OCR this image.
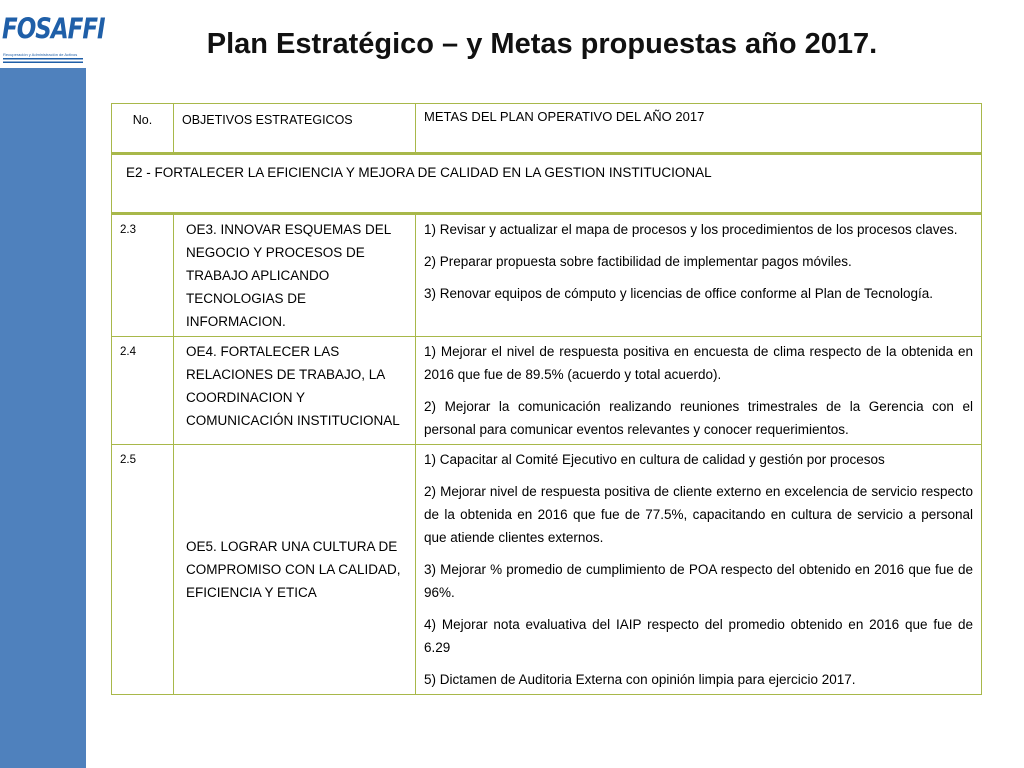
FOSAFFI
Recuperación y Administración de Activos	Plan Estratégico – y Metas propuestas año 2017.
No.	OBJETIVOS ESTRATEGICOS	METAS DEL PLAN OPERATIVO DEL AÑO 2017
E2 - FORTALECER LA EFICIENCIA Y MEJORA DE CALIDAD EN LA GESTION INSTITUCIONAL		
2.3	OE3. INNOVAR ESQUEMAS DEL NEGOCIO Y PROCESOS DE TRABAJO APLICANDO TECNOLOGIAS DE INFORMACION.	1) Revisar y actualizar el mapa de procesos y los procedimientos de los procesos claves.

2) Preparar propuesta sobre factibilidad de implementar pagos móviles.

3) Renovar equipos de cómputo y licencias de office conforme al Plan de Tecnología.

2.4	OE4. FORTALECER LAS RELACIONES DE TRABAJO, LA COORDINACION Y COMUNICACIÓN INSTITUCIONAL	1) Mejorar el nivel de respuesta positiva en encuesta de clima respecto de la obtenida en 2016 que fue de 89.5% (acuerdo y total acuerdo).

2) Mejorar la comunicación realizando reuniones trimestrales de la Gerencia con el personal para comunicar eventos relevantes y conocer requerimientos.

2.5	OE5. LOGRAR UNA CULTURA DE COMPROMISO CON LA CALIDAD, EFICIENCIA Y ETICA	1) Capacitar al Comité Ejecutivo en cultura de calidad y gestión por procesos

2) Mejorar nivel de respuesta positiva de cliente externo en excelencia de servicio respecto de la obtenida en 2016 que fue de 77.5%, capacitando en cultura de servicio a personal que atiende clientes externos.

3) Mejorar % promedio de cumplimiento de POA respecto del obtenido en 2016 que fue de 96%.

4) Mejorar nota evaluativa del IAIP respecto del promedio obtenido en 2016 que fue de 6.29

5) Dictamen de Auditoria Externa con opinión limpia para ejercicio 2017.
